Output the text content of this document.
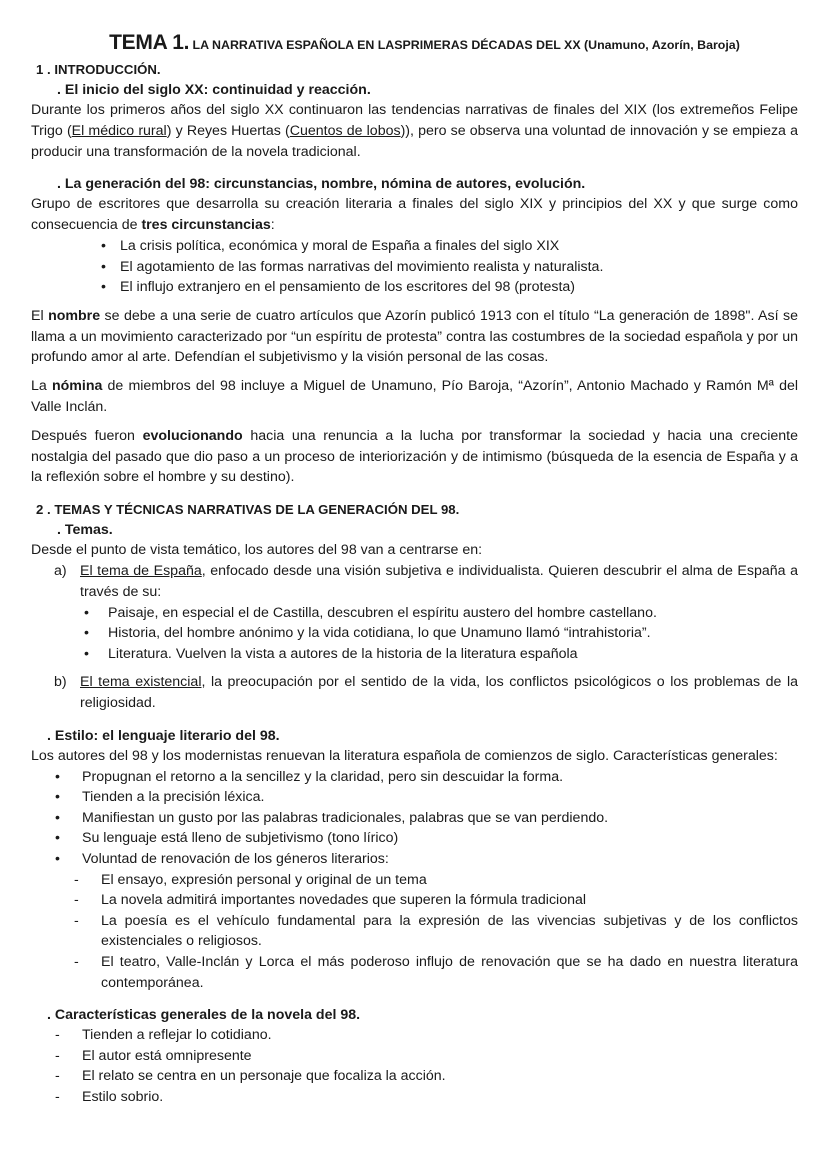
TEMA 1. LA NARRATIVA ESPAÑOLA EN LASPRIMERAS DÉCADAS DEL XX (Unamuno, Azorín, Baroja)
1 . INTRODUCCIÓN.
. El inicio del siglo XX: continuidad y reacción.

Durante los primeros años del siglo XX continuaron las tendencias narrativas de finales del XIX (los extremeños Felipe Trigo (El médico rural) y Reyes Huertas (Cuentos de lobos)), pero se observa una voluntad de innovación y se empieza a producir una transformación de la novela tradicional.

. La generación del 98: circunstancias, nombre, nómina de autores, evolución.

Grupo de escritores que desarrolla su creación literaria a finales del siglo XIX y principios del XX y que surge como consecuencia de tres circunstancias:

• La crisis política, económica y moral de España a finales del siglo XIX
• El agotamiento de las formas narrativas del movimiento realista y naturalista.
• El influjo extranjero en el pensamiento de los escritores del 98 (protesta)

El nombre se debe a una serie de cuatro artículos que Azorín publicó 1913 con el título “La generación de 1898". Así se llama a un movimiento caracterizado por “un espíritu de protesta” contra las costumbres de la sociedad española y por un profundo amor al arte. Defendían el subjetivismo y la visión personal de las cosas.

La nómina de miembros del 98 incluye a Miguel de Unamuno, Pío Baroja, “Azorín”, Antonio Machado y Ramón Mª del Valle Inclán.

Después fueron evolucionando hacia una renuncia a la lucha por transformar la sociedad y hacia una creciente nostalgia del pasado que dio paso a un proceso de interiorización y de intimismo (búsqueda de la esencia de España y a la reflexión sobre el hombre y su destino).

2 . TEMAS Y TÉCNICAS NARRATIVAS DE LA GENERACIÓN DEL 98.
. Temas.

Desde el punto de vista temático, los autores del 98 van a centrarse en:

a) El tema de España, enfocado desde una visión subjetiva e individualista. Quieren descubrir el alma de España a través de su:
• Paisaje, en especial el de Castilla, descubren el espíritu austero del hombre castellano.
• Historia, del hombre anónimo y la vida cotidiana, lo que Unamuno llamó “intrahistoria”.
• Literatura. Vuelven la vista a autores de la historia de la literatura española
b) El tema existencial, la preocupación por el sentido de la vida, los conflictos psicológicos o los problemas de la religiosidad.
. Estilo: el lenguaje literario del 98.

Los autores del 98 y los modernistas renuevan la literatura española de comienzos de siglo. Características generales:

• Propugnan el retorno a la sencillez y la claridad, pero sin descuidar la forma.
• Tienden a la precisión léxica.
• Manifiestan un gusto por las palabras tradicionales, palabras que se van perdiendo.
• Su lenguaje está lleno de subjetivismo (tono lírico)
• Voluntad de renovación de los géneros literarios:
- El ensayo, expresión personal y original de un tema
- La novela admitirá importantes novedades que superen la fórmula tradicional
- La poesía es el vehículo fundamental para la expresión de las vivencias subjetivas y de los conflictos existenciales o religiosos.
- El teatro, Valle-Inclán y Lorca el más poderoso influjo de renovación que se ha dado en nuestra literatura contemporánea.
. Características generales de la novela del 98.
- Tienden a reflejar lo cotidiano.
- El autor está omnipresente
- El relato se centra en un personaje que focaliza la acción.
- Estilo sobrio.
